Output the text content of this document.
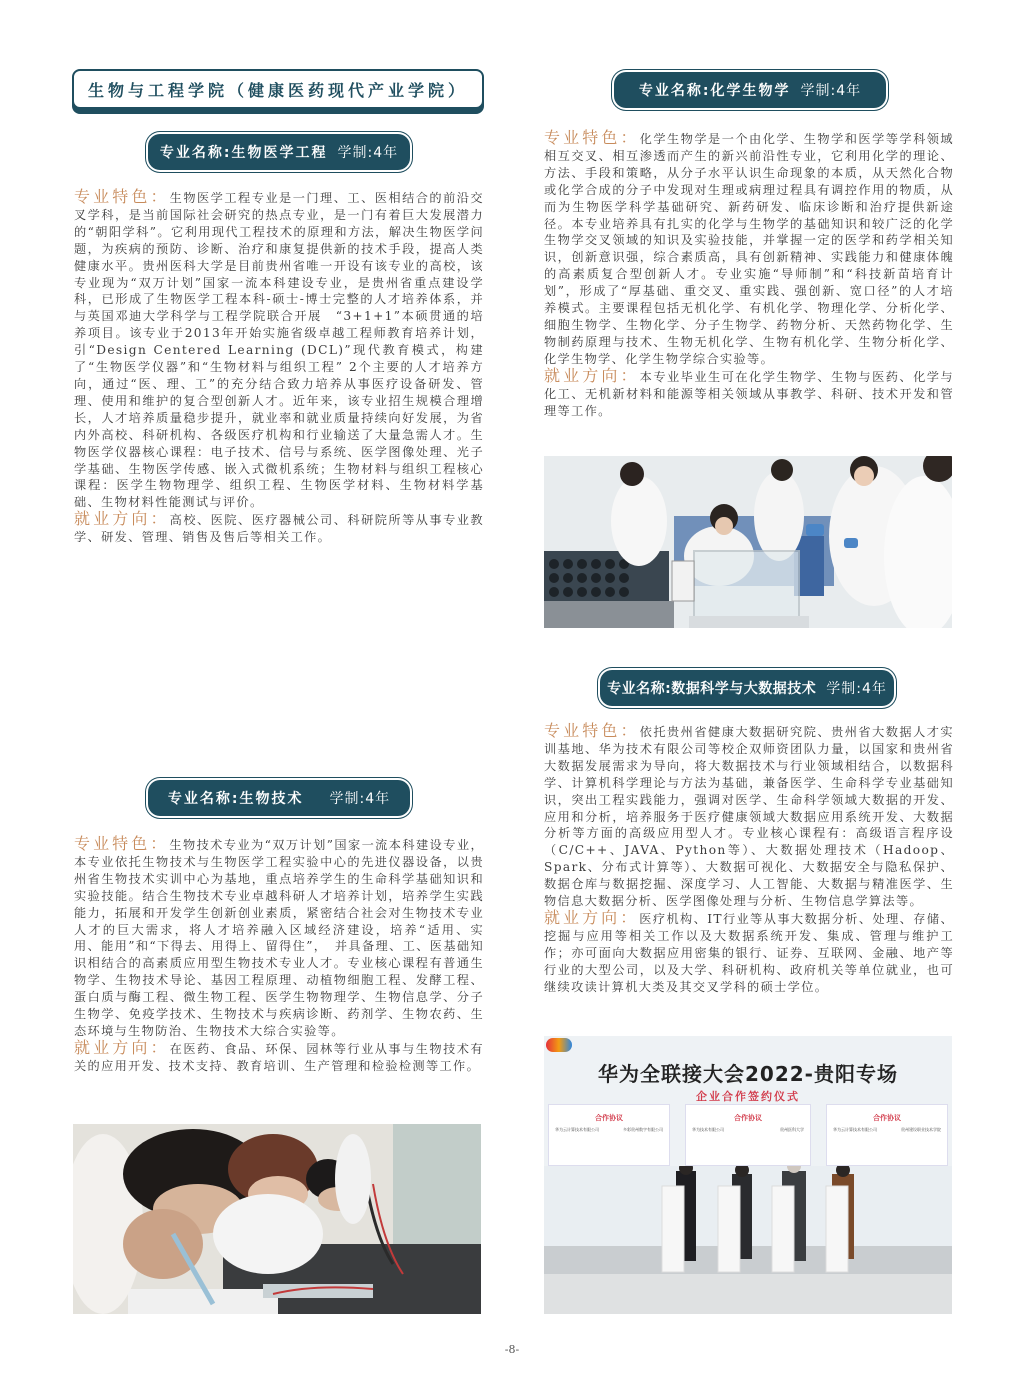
生物与工程学院（健康医药现代产业学院）
专业名称:生物医学工程 学制:4年

专业特色：生物医学工程专业是一门理、工、医相结合的前沿交叉学科，是当前国际社会研究的热点专业，是一门有着巨大发展潜力的“朝阳学科”。它利用现代工程技术的原理和方法，解决生物医学问题，为疾病的预防、诊断、治疗和康复提供新的技术手段，提高人类健康水平。贵州医科大学是目前贵州省唯一开设有该专业的高校，该专业现为“双万计划”国家一流本科建设专业，是贵州省重点建设学科，已形成了生物医学工程本科-硕士-博士完整的人才培养体系，并与英国邓迪大学科学与工程学院联合开展　“3+1+1”本硕贯通的培养项目。该专业于2013年开始实施省级卓越工程师教育培养计划，引“Design Centered Learning (DCL)”现代教育模式，构建了“生物医学仪器”和“生物材料与组织工程” 2个主要的人才培养方向，通过“医、理、工”的充分结合致力培养从事医疗设备研发、管理、使用和维护的复合型创新人才。近年来，该专业招生规模合理增长，人才培养质量稳步提升，就业率和就业质量持续向好发展，为省内外高校、科研机构、各级医疗机构和行业输送了大量急需人才。生物医学仪器核心课程：电子技术、信号与系统、医学图像处理、光子学基础、生物医学传感、嵌入式微机系统；生物材料与组织工程核心课程：医学生物物理学、组织工程、生物医学材料、生物材料学基础、生物材料性能测试与评价。

就业方向：高校、医院、医疗器械公司、科研院所等从事专业教学、研发、管理、销售及售后等相关工作。

专业名称:化学生物学 学制:4年

专业特色：化学生物学是一个由化学、生物学和医学等学科领域相互交叉、相互渗透而产生的新兴前沿性专业，它利用化学的理论、方法、手段和策略，从分子水平认识生命现象的本质，从天然化合物或化学合成的分子中发现对生理或病理过程具有调控作用的物质，从而为生物医学科学基础研究、新药研发、临床诊断和治疗提供新途径。本专业培养具有扎实的化学与生物学的基础知识和较广泛的化学生物学交叉领域的知识及实验技能，并掌握一定的医学和药学相关知识，创新意识强，综合素质高，具有创新精神、实践能力和健康体魄的高素质复合型创新人才。专业实施“导师制”和“科技新苗培育计划”，形成了“厚基础、重交叉、重实践、强创新、宽口径”的人才培养模式。主要课程包括无机化学、有机化学、物理化学、分析化学、细胞生物学、生物化学、分子生物学、药物分析、天然药物化学、生物制药原理与技术、生物无机化学、生物有机化学、生物分析化学、化学生物学、化学生物学综合实验等。

就业方向：本专业毕业生可在化学生物学、生物与医药、化学与化工、无机新材料和能源等相关领域从事教学、科研、技术开发和管理等工作。

专业名称:数据科学与大数据技术 学制:4年

专业特色：依托贵州省健康大数据研究院、贵州省大数据人才实训基地、华为技术有限公司等校企双师资团队力量，以国家和贵州省大数据发展需求为导向，将大数据技术与行业领域相结合，以数据科学、计算机科学理论与方法为基础，兼备医学、生命科学专业基础知识，突出工程实践能力，强调对医学、生命科学领域大数据的开发、应用和分析，培养服务于医疗健康领域大数据应用系统开发、大数据分析等方面的高级应用型人才。专业核心课程有：高级语言程序设（C/C++、JAVA、Python等）、大数据处理技术（Hadoop、Spark、分布式计算等）、大数据可视化、大数据安全与隐私保护、数据仓库与数据挖掘、深度学习、人工智能、大数据与精准医学、生物信息大数据分析、医学图像处理与分析、生物信息学算法等。

就业方向：医疗机构、IT行业等从事大数据分析、处理、存储、挖掘与应用等相关工作以及大数据系统开发、集成、管理与维护工作；亦可面向大数据应用密集的银行、证券、互联网、金融、地产等行业的大型公司，以及大学、科研机构、政府机关等单位就业，也可继续攻读计算机大类及其交叉学科的硕士学位。

专业名称:生物技术 学制:4年

专业特色：生物技术专业为“双万计划”国家一流本科建设专业，本专业依托生物技术与生物医学工程实验中心的先进仪器设备，以贵州省生物技术实训中心为基地，重点培养学生的生命科学基础知识和实验技能。结合生物技术专业卓越科研人才培养计划，培养学生实践能力，拓展和开发学生创新创业素质，紧密结合社会对生物技术专业人才的巨大需求，将人才培养融入区域经济建设，培养“适用、实用、能用”和“下得去、用得上、留得住”，　并具备理、工、医基础知识相结合的高素质应用型生物技术专业人才。专业核心课程有普通生物学、生物技术导论、基因工程原理、动植物细胞工程、发酵工程、蛋白质与酶工程、微生物工程、医学生物物理学、生物信息学、分子生物学、免疫学技术、生物技术与疾病诊断、药剂学、生物农药、生态环境与生物防治、生物技术大综合实验等。

就业方向：在医药、食品、环保、园林等行业从事与生物技术有关的应用开发、技术支持、教育培训、生产管理和检验检测等工作。	华为全联接大会2022-贵阳专场
企业合作签约仪式
合作协议
华为云计算技术有限公司	多彩贵州数字有限公司
合作协议
华为技术有限公司	贵州医科大学
合作协议
华为云计算技术有限公司	贵州建设职业技术学院
-8-
